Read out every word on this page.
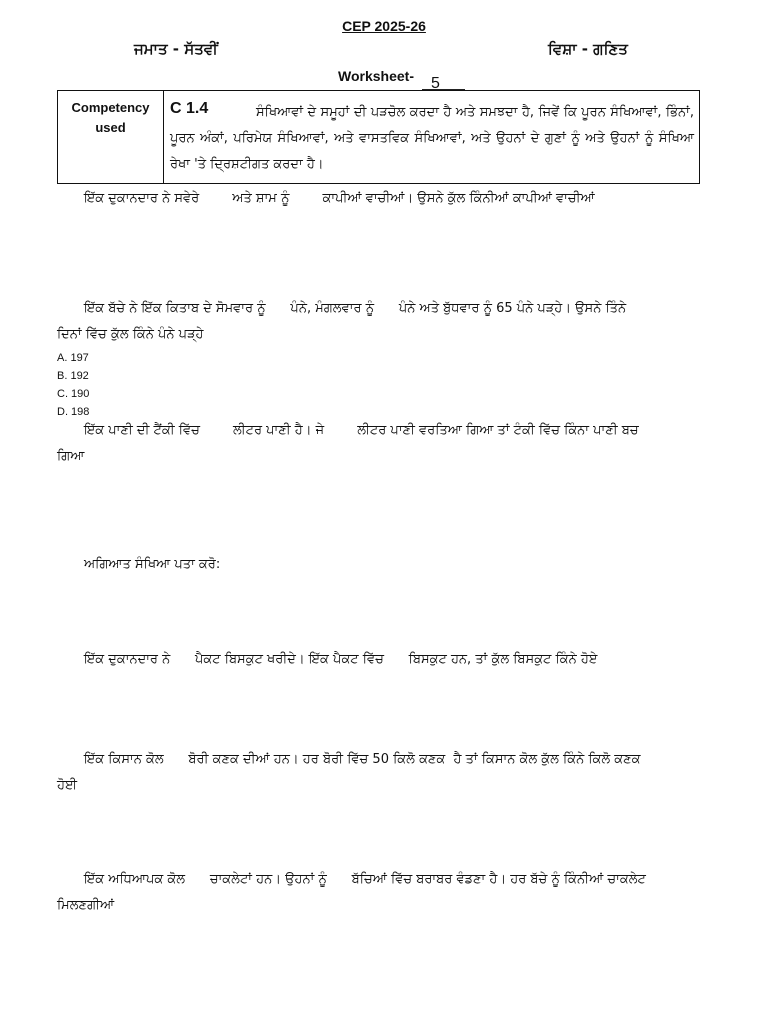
CEP 2025-26
ਜਮਾਤ - ਸੱਤਵੀਂ	ਵਿਸ਼ਾ - ਗਣਿਤ
Worksheet- 5
Competency used
ਸੰਖਿਆਵਾਂ ਦੇ ਸਮੂਹਾਂ ਦੀ ਪੜਚੋਲ ਕਰਦਾ ਹੈ ਅਤੇ ਸਮਝਦਾ ਹੈ, ਜਿਵੇਂ ਕਿ ਪੂਰਨ ਸੰਖਿਆਵਾਂ, ਭਿੰਨਾਂ, ਪੂਰਨ ਅੰਕਾਂ, ਪਰਿਮੇਯ ਸੰਖਿਆਵਾਂ, ਅਤੇ ਵਾਸਤਵਿਕ ਸੰਖਿਆਵਾਂ, ਅਤੇ ਉਹਨਾਂ ਦੇ ਗੁਣਾਂ ਨੂੰ ਅਤੇ ਉਹਨਾਂ ਨੂੰ ਸੰਖਿਆ ਰੇਖਾ 'ਤੇ ਦ੍ਰਿਸ਼ਟੀਗਤ ਕਰਦਾ ਹੈ।
C 1.4
ਇੱਕ ਦੁਕਾਨਦਾਰ ਨੇ ਸਵੇਰੇ        ਅਤੇ ਸ਼ਾਮ ਨੂੰ        ਕਾਪੀਆਂ ਵਾਚੀਆਂ। ਉਸਨੇ ਕੁੱਲ ਕਿੰਨੀਆਂ ਕਾਪੀਆਂ ਵਾਚੀਆਂ
ਇੱਕ ਬੱਚੇ ਨੇ ਇੱਕ ਕਿਤਾਬ ਦੇ ਸੋਮਵਾਰ ਨੂੰ      ਪੰਨੇ, ਮੰਗਲਵਾਰ ਨੂੰ      ਪੰਨੇ ਅਤੇ ਬੁੱਧਵਾਰ ਨੂੰ 65 ਪੰਨੇ ਪੜ੍ਹੇ। ਉਸਨੇ ਤਿੰਨੇ
ਦਿਨਾਂ ਵਿੱਚ ਕੁੱਲ ਕਿੰਨੇ ਪੰਨੇ ਪੜ੍ਹੇ
A. 197
B. 192
C. 190
D. 198
ਇੱਕ ਪਾਣੀ ਦੀ ਟੈਂਕੀ ਵਿੱਚ        ਲੀਟਰ ਪਾਣੀ ਹੈ। ਜੇ        ਲੀਟਰ ਪਾਣੀ ਵਰਤਿਆ ਗਿਆ ਤਾਂ ਟੰਕੀ ਵਿੱਚ ਕਿੰਨਾ ਪਾਣੀ ਬਚ
ਗਿਆ
ਅਗਿਆਤ ਸੰਖਿਆ ਪਤਾ ਕਰੋ:
ਇੱਕ ਦੁਕਾਨਦਾਰ ਨੇ      ਪੈਕਟ ਬਿਸਕੁਟ ਖਰੀਦੇ। ਇੱਕ ਪੈਕਟ ਵਿੱਚ      ਬਿਸਕੁਟ ਹਨ, ਤਾਂ ਕੁੱਲ ਬਿਸਕੁਟ ਕਿੰਨੇ ਹੋਏ
ਇੱਕ ਕਿਸਾਨ ਕੋਲ      ਬੋਰੀ ਕਣਕ ਦੀਆਂ ਹਨ। ਹਰ ਬੋਰੀ ਵਿੱਚ 50 ਕਿਲੋ ਕਣਕ  ਹੈ ਤਾਂ ਕਿਸਾਨ ਕੋਲ ਕੁੱਲ ਕਿੰਨੇ ਕਿਲੋ ਕਣਕ
ਹੋਈ
ਇੱਕ ਅਧਿਆਪਕ ਕੋਲ      ਚਾਕਲੇਟਾਂ ਹਨ। ਉਹਨਾਂ ਨੂੰ      ਬੱਚਿਆਂ ਵਿੱਚ ਬਰਾਬਰ ਵੰਡਣਾ ਹੈ। ਹਰ ਬੱਚੇ ਨੂੰ ਕਿੰਨੀਆਂ ਚਾਕਲੇਟ
ਮਿਲਣਗੀਆਂ
